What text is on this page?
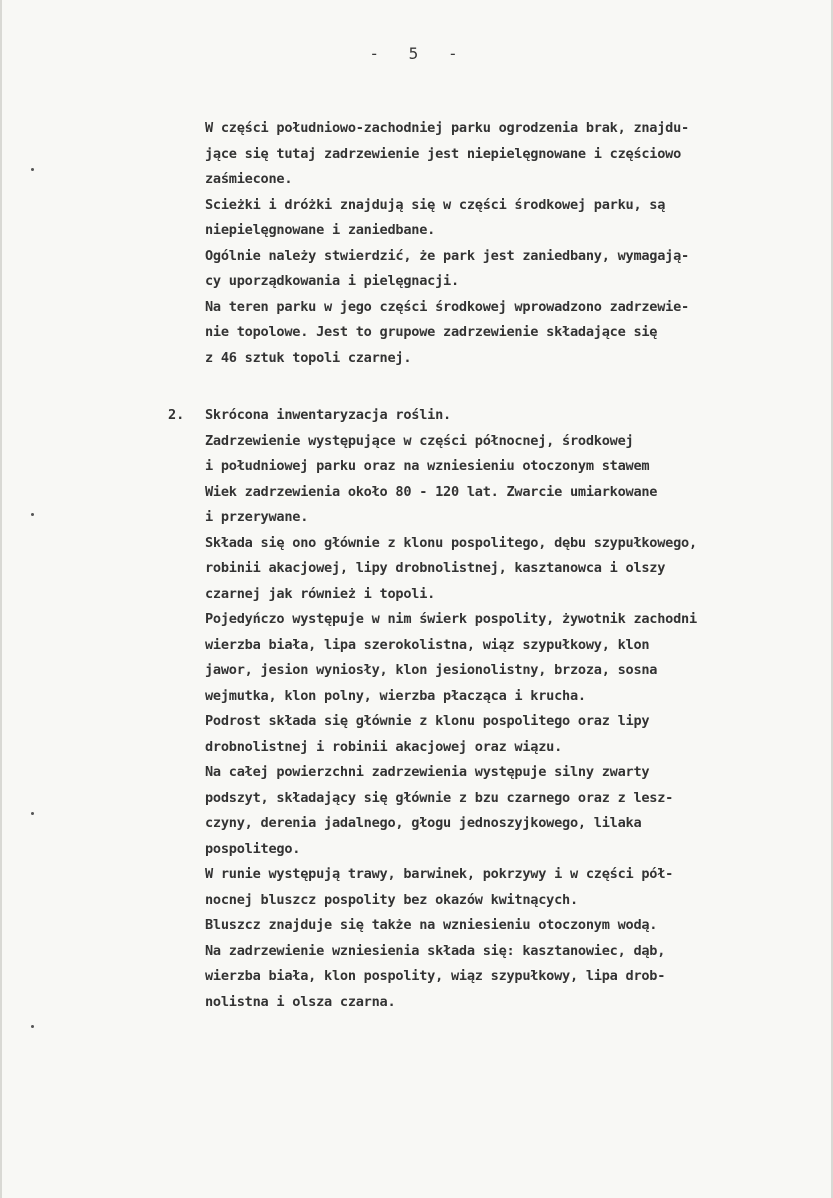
- 5 -
W części południowo-zachodniej parku ogrodzenia brak, znajdu-
jące się tutaj zadrzewienie jest niepielęgnowane i częściowo
zaśmiecone.
Scieżki i dróżki znajdują się w części środkowej parku, są
niepielęgnowane i zaniedbane.
Ogólnie należy stwierdzić, że park jest zaniedbany, wymagają-
cy uporządkowania i pielęgnacji.
Na teren parku w jego części środkowej wprowadzono zadrzewie-
nie topolowe. Jest to grupowe zadrzewienie składające się
z 46 sztuk topoli czarnej.
2. Skrócona inwentaryzacja roślin.
Zadrzewienie występujące w części północnej, środkowej
i południowej parku oraz na wzniesieniu otoczonym stawem
Wiek zadrzewienia około 80 - 120 lat. Zwarcie umiarkowane
i przerywane.
Składa się ono głównie z klonu pospolitego, dębu szypułkowego,
robinii akacjowej, lipy drobnolistnej, kasztanowca i olszy
czarnej jak również i topoli.
Pojedyńczo występuje w nim świerk pospolity, żywotnik zachodni
wierzba biała, lipa szerokolistna, wiąz szypułkowy, klon
jawor, jesion wyniosły, klon jesionolistny, brzoza, sosna
wejmutka, klon polny, wierzba płacząca i krucha.
Podrost składa się głównie z klonu pospolitego oraz lipy
drobnolistnej i robinii akacjowej oraz wiązu.
Na całej powierzchni zadrzewienia występuje silny zwarty
podszyt, składający się głównie z bzu czarnego oraz z lesz-
czyny, derenia jadalnego, głogu jednoszyjkowego, lilaka
pospolitego.
W runie występują trawy, barwinek, pokrzywy i w części pół-
nocnej bluszcz pospolity bez okazów kwitnących.
Bluszcz znajduje się także na wzniesieniu otoczonym wodą.
Na zadrzewienie wzniesienia składa się: kasztanowiec, dąb,
wierzba biała, klon pospolity, wiąz szypułkowy, lipa drob-
nolistna i olsza czarna.
